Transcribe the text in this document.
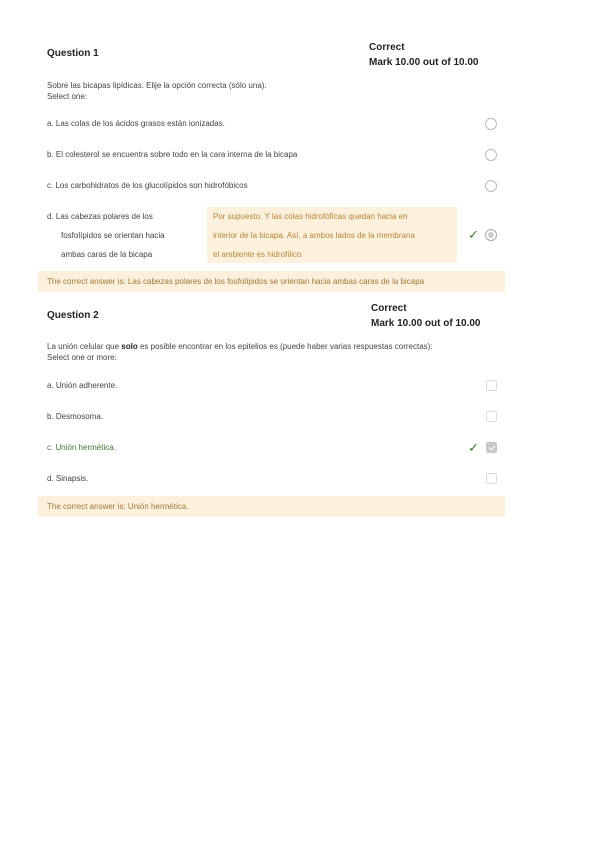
Question 1
Correct
Mark 10.00 out of 10.00
Sobre las bicapas lipídicas. Elije la opción correcta (sólo una).
Select one:
a. Las colas de los ácidos grasos están ionizadas.
b. El colesterol se encuentra sobre todo en la cara interna de la bicapa
c. Los carbohidratos de los glucolípidos son hidrofóbicos
d. Las cabezas polares de los
fosfolípidos se orientan hacia
ambas caras de la bicapa
Por supuesto. Y las colas hidrofóficas quedan hacia en
interior de la bicapa. Así, a ambos lados de la membrana
el ambiente es hidrofílico
✓
The correct answer is: Las cabezas polares de los fosfolípidos se orientan hacia ambas caras de la bicapa
Question 2
Correct
Mark 10.00 out of 10.00
La unión celular que solo es posible encontrar en los epitelios es (puede haber varias respuestas correctas):
Select one or more:
a. Unión adherente.
b. Desmosoma.
c. Unión hermética.	✓
d. Sinapsis.
The correct answer is: Unión hermética.
